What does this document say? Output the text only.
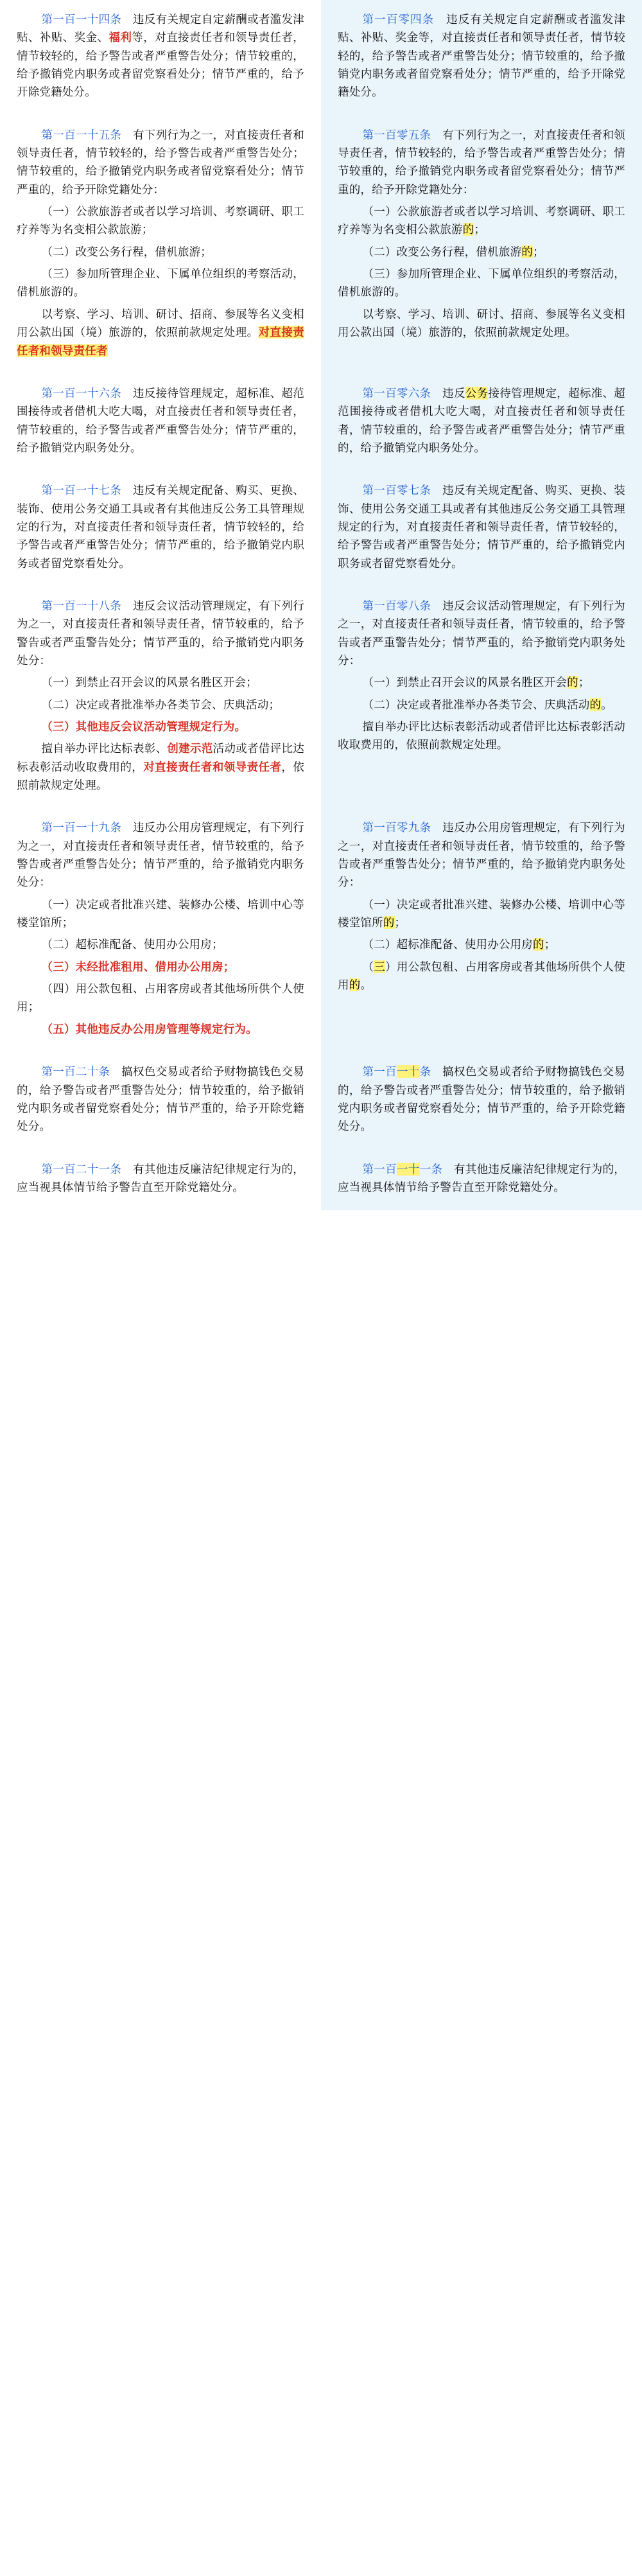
第一百一十四条　违反有关规定自定薪酬或者滥发津贴、补贴、奖金、福利等，对直接责任者和领导责任者，情节较轻的，给予警告或者严重警告处分；情节较重的，给予撤销党内职务或者留党察看处分；情节严重的，给予开除党籍处分。

第一百零四条　违反有关规定自定薪酬或者滥发津贴、补贴、奖金等，对直接责任者和领导责任者，情节较轻的，给予警告或者严重警告处分；情节较重的，给予撤销党内职务或者留党察看处分；情节严重的，给予开除党籍处分。

第一百一十五条　有下列行为之一，对直接责任者和领导责任者，情节较轻的，给予警告或者严重警告处分；情节较重的，给予撤销党内职务或者留党察看处分；情节严重的，给予开除党籍处分：

（一）公款旅游者或者以学习培训、考察调研、职工疗养等为名变相公款旅游；

（二）改变公务行程，借机旅游；

（三）参加所管理企业、下属单位组织的考察活动，借机旅游的。

以考察、学习、培训、研讨、招商、参展等名义变相用公款出国（境）旅游的，依照前款规定处理。对直接责任者和领导责任者

第一百零五条　有下列行为之一，对直接责任者和领导责任者，情节较轻的，给予警告或者严重警告处分；情节较重的，给予撤销党内职务或者留党察看处分；情节严重的，给予开除党籍处分：

（一）公款旅游者或者以学习培训、考察调研、职工疗养等为名变相公款旅游的；

（二）改变公务行程，借机旅游的；

（三）参加所管理企业、下属单位组织的考察活动，借机旅游的。

以考察、学习、培训、研讨、招商、参展等名义变相用公款出国（境）旅游的，依照前款规定处理。

第一百一十六条　违反接待管理规定，超标准、超范围接待或者借机大吃大喝，对直接责任者和领导责任者，情节较重的，给予警告或者严重警告处分；情节严重的，给予撤销党内职务处分。

第一百零六条　违反公务接待管理规定，超标准、超范围接待或者借机大吃大喝，对直接责任者和领导责任者，情节较重的，给予警告或者严重警告处分；情节严重的，给予撤销党内职务处分。

第一百一十七条　违反有关规定配备、购买、更换、装饰、使用公务交通工具或者有其他违反公务工具管理规定的行为，对直接责任者和领导责任者，情节较轻的，给予警告或者严重警告处分；情节严重的，给予撤销党内职务或者留党察看处分。

第一百零七条　违反有关规定配备、购买、更换、装饰、使用公务交通工具或者有其他违反公务交通工具管理规定的行为，对直接责任者和领导责任者，情节较轻的，给予警告或者严重警告处分；情节严重的，给予撤销党内职务或者留党察看处分。

第一百一十八条　违反会议活动管理规定，有下列行为之一，对直接责任者和领导责任者，情节较重的，给予警告或者严重警告处分；情节严重的，给予撤销党内职务处分：

（一）到禁止召开会议的风景名胜区开会；

（二）决定或者批准举办各类节会、庆典活动；

（三）其他违反会议活动管理规定行为。

擅自举办评比达标表彰、创建示范活动或者借评比达标表彰活动收取费用的，对直接责任者和领导责任者，依照前款规定处理。

第一百零八条　违反会议活动管理规定，有下列行为之一，对直接责任者和领导责任者，情节较重的，给予警告或者严重警告处分；情节严重的，给予撤销党内职务处分：

（一）到禁止召开会议的风景名胜区开会的；

（二）决定或者批准举办各类节会、庆典活动的。

擅自举办评比达标表彰活动或者借评比达标表彰活动收取费用的，依照前款规定处理。

第一百一十九条　违反办公用房管理规定，有下列行为之一，对直接责任者和领导责任者，情节较重的，给予警告或者严重警告处分；情节严重的，给予撤销党内职务处分：

（一）决定或者批准兴建、装修办公楼、培训中心等楼堂馆所；

（二）超标准配备、使用办公用房；

（三）未经批准租用、借用办公用房；

（四）用公款包租、占用客房或者其他场所供个人使用；

（五）其他违反办公用房管理等规定行为。

第一百零九条　违反办公用房管理规定，有下列行为之一，对直接责任者和领导责任者，情节较重的，给予警告或者严重警告处分；情节严重的，给予撤销党内职务处分：

（一）决定或者批准兴建、装修办公楼、培训中心等楼堂馆所的；

（二）超标准配备、使用办公用房的；

（三）用公款包租、占用客房或者其他场所供个人使用的。

第一百二十条　搞权色交易或者给予财物搞钱色交易的，给予警告或者严重警告处分；情节较重的，给予撤销党内职务或者留党察看处分；情节严重的，给予开除党籍处分。

第一百一十条　搞权色交易或者给予财物搞钱色交易的，给予警告或者严重警告处分；情节较重的，给予撤销党内职务或者留党察看处分；情节严重的，给予开除党籍处分。

第一百二十一条　有其他违反廉洁纪律规定行为的，应当视具体情节给予警告直至开除党籍处分。

第一百一十一条　有其他违反廉洁纪律规定行为的，应当视具体情节给予警告直至开除党籍处分。
